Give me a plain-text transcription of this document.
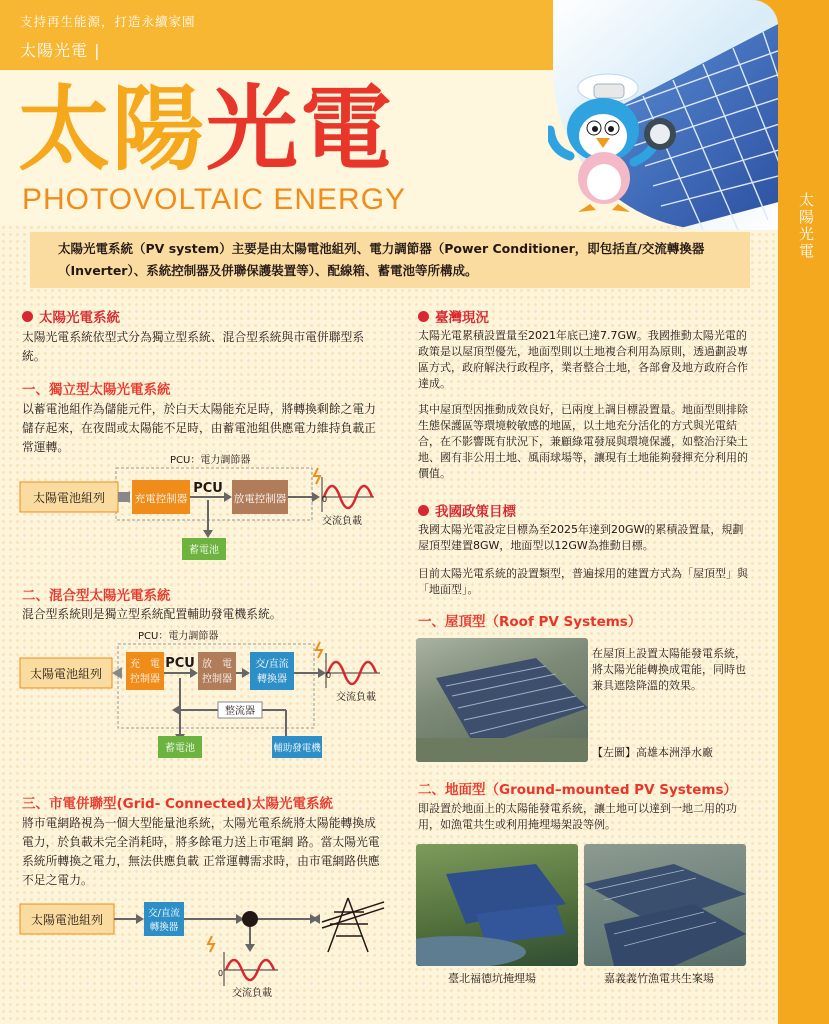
支持再生能源，打造永續家園
太陽光電 |
太陽光電
PHOTOVOLTAIC ENERGY
太陽光電系統（PV system）主要是由太陽電池組列、電力調節器（Power Conditioner，即包括直/交流轉換器（Inverter）、系統控制器及併聯保護裝置等）、配線箱、蓄電池等所構成。
太陽光電系統
太陽光電系統依型式分為獨立型系統、混合型系統與市電併聯型系統。
一、獨立型太陽光電系統
以蓄電池組作為儲能元件，於白天太陽能充足時，將轉換剩餘之電力儲存起來，在夜間或太陽能不足時，由蓄電池組供應電力維持負載正常運轉。
PCU：電力調節器
太陽電池組列	充電控制器
PCU
放電控制器
蓄電池
0
交流負載
二、混合型太陽光電系統
混合型系統則是獨立型系統配置輔助發電機系統。
PCU：電力調節器
太陽電池組列
充　電
控制器
PCU 放　電
控制器
交/直流
轉換器
整流器
蓄電池	輔助發電機
0
交流負載
三、市電併聯型(Grid- Connected)太陽光電系統
將市電網路視為一個大型能量池系統，太陽光電系統將太陽能轉換成電力，於負載未完全消耗時，將多餘電力送上市電網 路。當太陽光電系統所轉換之電力，無法供應負載 正常運轉需求時，由市電網路供應不足之電力。
太陽電池組列	交/直流
轉換器
0
交流負載
臺灣現況
太陽光電累積設置量至2021年底已達7.7GW。我國推動太陽光電的政策是以屋頂型優先，地面型則以土地複合利用為原則，透過劃設專區方式，政府解決行政程序，業者整合土地，各部會及地方政府合作達成。
其中屋頂型因推動成效良好，已兩度上調目標設置量。地面型則排除生態保護區等環境較敏感的地區，以土地充分活化的方式與光電結合，在不影響既有狀況下，兼顧綠電發展與環境保護，如整治汙染土地、國有非公用土地、風雨球場等，讓現有土地能夠發揮充分利用的價值。
我國政策目標
我國太陽光電設定目標為至2025年達到20GW的累積設置量，規劃屋頂型建置8GW，地面型以12GW為推動目標。
目前太陽光電系統的設置類型，普遍採用的建置方式為「屋頂型」與「地面型」。
一、屋頂型（Roof PV Systems）
在屋頂上設置太陽能發電系統，將太陽光能轉換成電能，同時也兼具遮陰降溫的效果。
【左圖】高雄本洲淨水廠
二、地面型（Ground–mounted PV Systems）
即設置於地面上的太陽能發電系統，讓土地可以達到一地二用的功用，如漁電共生或利用掩埋場架設等例。
臺北福德坑掩埋場	嘉義義竹漁電共生案場
太陽光電
